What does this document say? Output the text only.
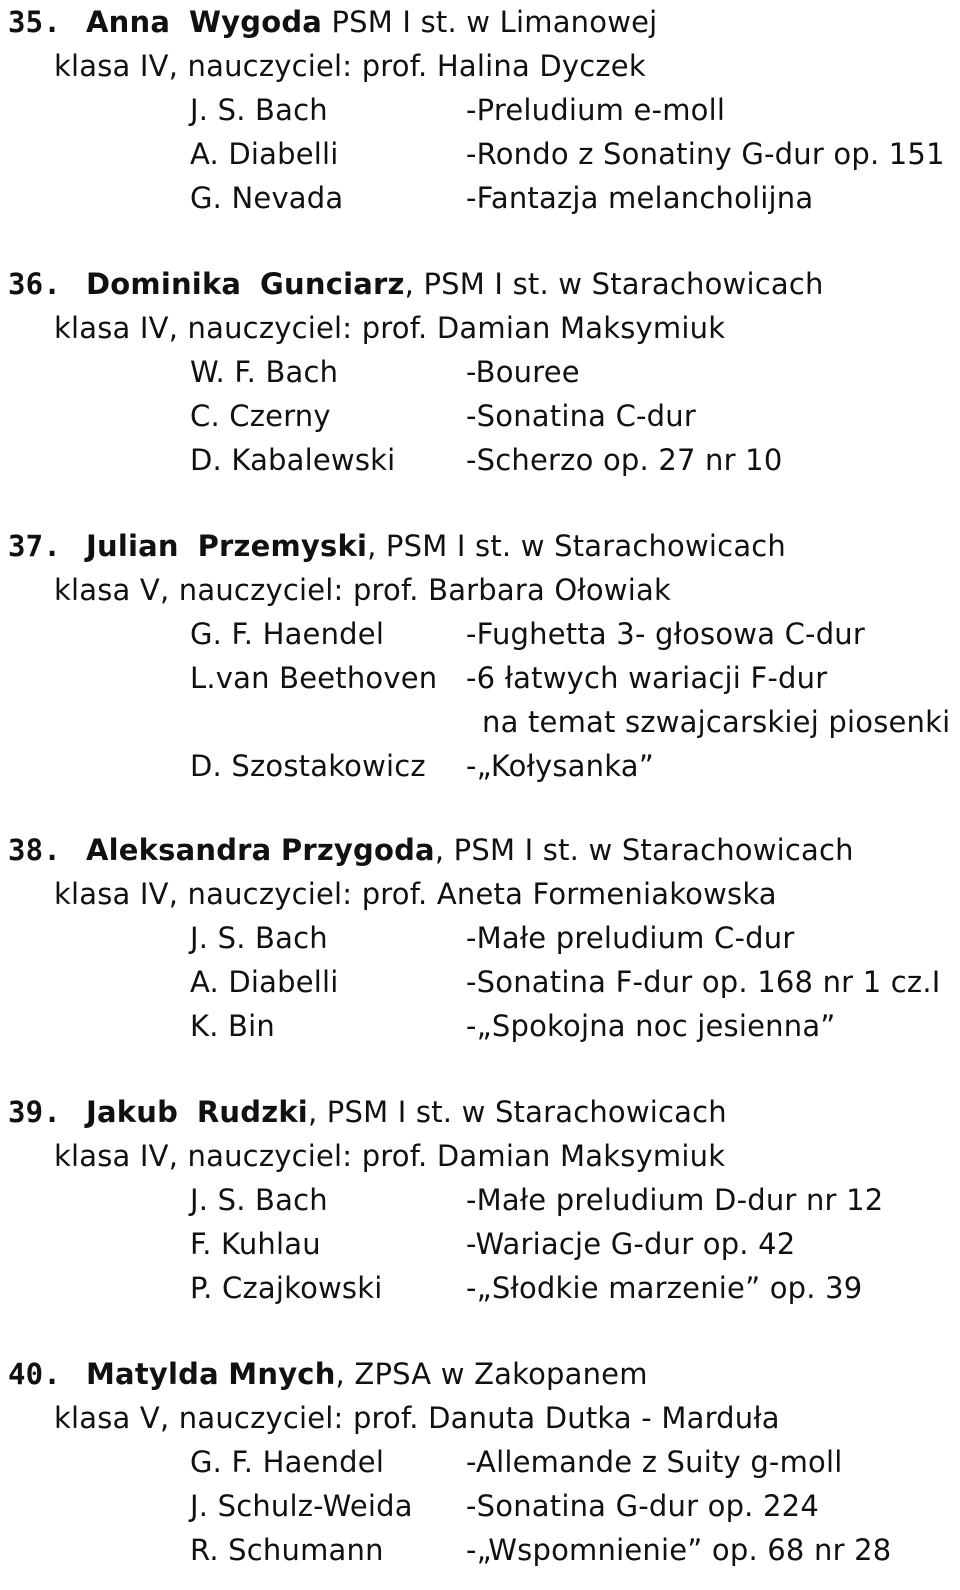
35. Anna Wygoda PSM I st. w Limanowej
klasa IV, nauczyciel: prof. Halina Dyczek
J. S. Bach	-Preludium e-moll
A. Diabelli	-Rondo z Sonatiny G-dur op. 151
G. Nevada	-Fantazja melancholijna
36. Dominika Gunciarz, PSM I st. w Starachowicach
klasa IV, nauczyciel: prof. Damian Maksymiuk
W. F. Bach	-Bouree
C. Czerny	-Sonatina C-dur
D. Kabalewski -Scherzo op. 27 nr 10
37. Julian Przemyski, PSM I st. w Starachowicach
klasa V, nauczyciel: prof. Barbara Ołowiak
G. F. Haendel	-Fughetta 3- głosowa C-dur
L.van Beethoven -6 łatwych wariacji F-dur
na temat szwajcarskiej piosenki
D. Szostakowicz -„Kołysanka”
38. Aleksandra Przygoda, PSM I st. w Starachowicach
klasa IV, nauczyciel: prof. Aneta Formeniakowska
J. S. Bach	-Małe preludium C-dur
A. Diabelli	-Sonatina F-dur op. 168 nr 1 cz.I
K. Bin	-„Spokojna noc jesienna”
39. Jakub Rudzki, PSM I st. w Starachowicach
klasa IV, nauczyciel: prof. Damian Maksymiuk
J. S. Bach	-Małe preludium D-dur nr 12
F. Kuhlau	-Wariacje G-dur op. 42
P. Czajkowski	-„Słodkie marzenie” op. 39
40. Matylda Mnych, ZPSA w Zakopanem
klasa V, nauczyciel: prof. Danuta Dutka - Marduła
G. F. Haendel	-Allemande z Suity g-moll
J. Schulz-Weida -Sonatina G-dur op. 224
R. Schumann	-„Wspomnienie” op. 68 nr 28
